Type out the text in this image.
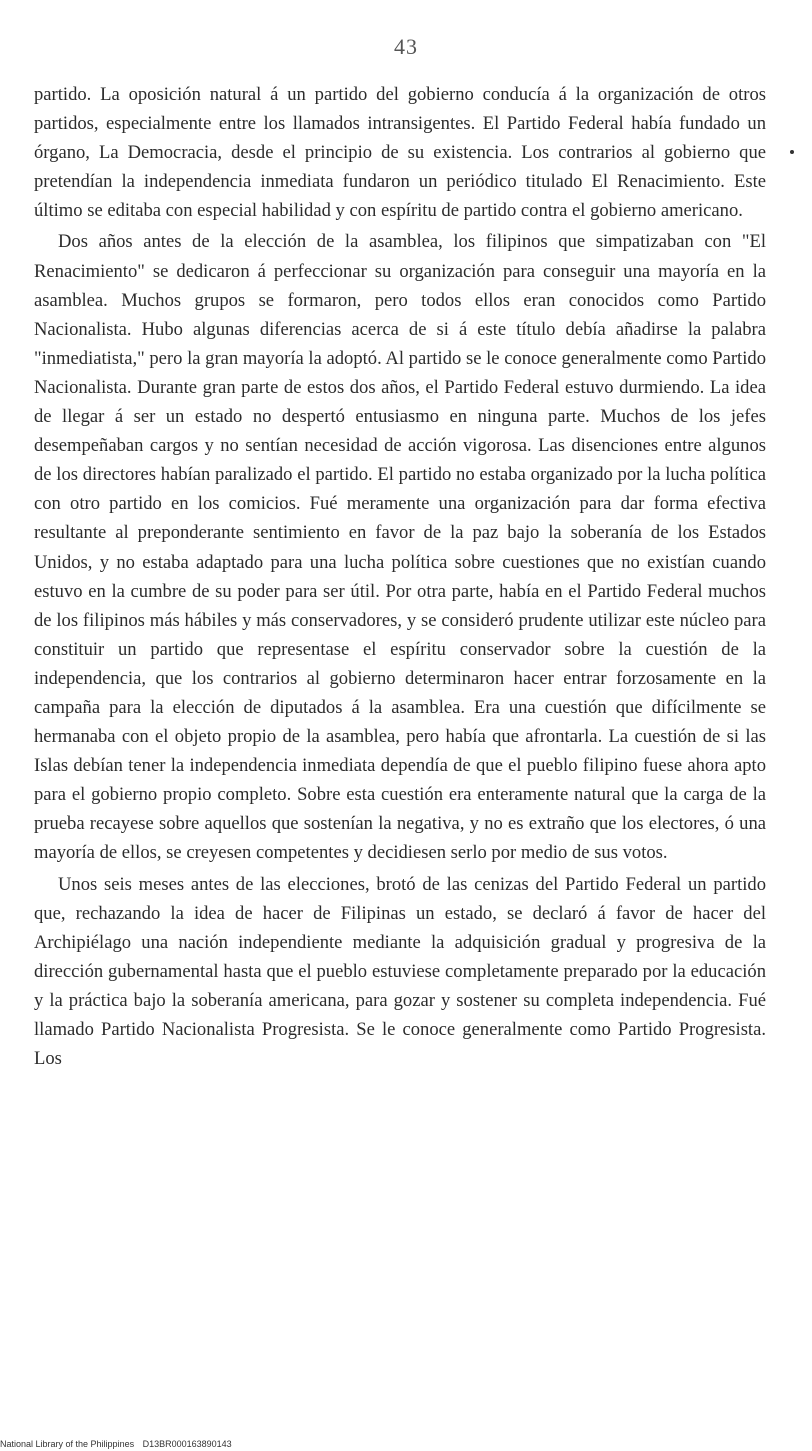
43

partido. La oposición natural á un partido del gobierno conducía á la organización de otros partidos, especialmente entre los llamados intransigentes. El Partido Federal había fundado un órgano, La Democracia, desde el principio de su existencia. Los contrarios al gobierno que pretendían la independencia inmediata fundaron un periódico titulado El Renacimiento. Este último se editaba con especial habilidad y con espíritu de partido contra el gobierno americano.

Dos años antes de la elección de la asamblea, los filipinos que simpatizaban con "El Renacimiento" se dedicaron á perfeccionar su organización para conseguir una mayoría en la asamblea. Muchos grupos se formaron, pero todos ellos eran conocidos como Partido Nacionalista. Hubo algunas diferencias acerca de si á este título debía añadirse la palabra "inmediatista," pero la gran mayoría la adoptó. Al partido se le conoce generalmente como Partido Nacionalista. Durante gran parte de estos dos años, el Partido Federal estuvo durmiendo. La idea de llegar á ser un estado no despertó entusiasmo en ninguna parte. Muchos de los jefes desempeñaban cargos y no sentían necesidad de acción vigorosa. Las disenciones entre algunos de los directores habían paralizado el partido. El partido no estaba organizado por la lucha política con otro partido en los comicios. Fué meramente una organización para dar forma efectiva resultante al preponderante sentimiento en favor de la paz bajo la soberanía de los Estados Unidos, y no estaba adaptado para una lucha política sobre cuestiones que no existían cuando estuvo en la cumbre de su poder para ser útil. Por otra parte, había en el Partido Federal muchos de los filipinos más hábiles y más conservadores, y se consideró prudente utilizar este núcleo para constituir un partido que representase el espíritu conservador sobre la cuestión de la independencia, que los contrarios al gobierno determinaron hacer entrar forzosamente en la campaña para la elección de diputados á la asamblea. Era una cuestión que difícilmente se hermanaba con el objeto propio de la asamblea, pero había que afrontarla. La cuestión de si las Islas debían tener la independencia inmediata dependía de que el pueblo filipino fuese ahora apto para el gobierno propio completo. Sobre esta cuestión era enteramente natural que la carga de la prueba recayese sobre aquellos que sostenían la negativa, y no es extraño que los electores, ó una mayoría de ellos, se creyesen competentes y decidiesen serlo por medio de sus votos.

Unos seis meses antes de las elecciones, brotó de las cenizas del Partido Federal un partido que, rechazando la idea de hacer de Filipinas un estado, se declaró á favor de hacer del Archipiélago una nación independiente mediante la adquisición gradual y progresiva de la dirección gubernamental hasta que el pueblo estuviese completamente preparado por la educación y la práctica bajo la soberanía americana, para gozar y sostener su completa independencia. Fué llamado Partido Nacionalista Progresista. Se le conoce generalmente como Partido Progresista. Los

National Library of the Philippines D13BR000163890143
